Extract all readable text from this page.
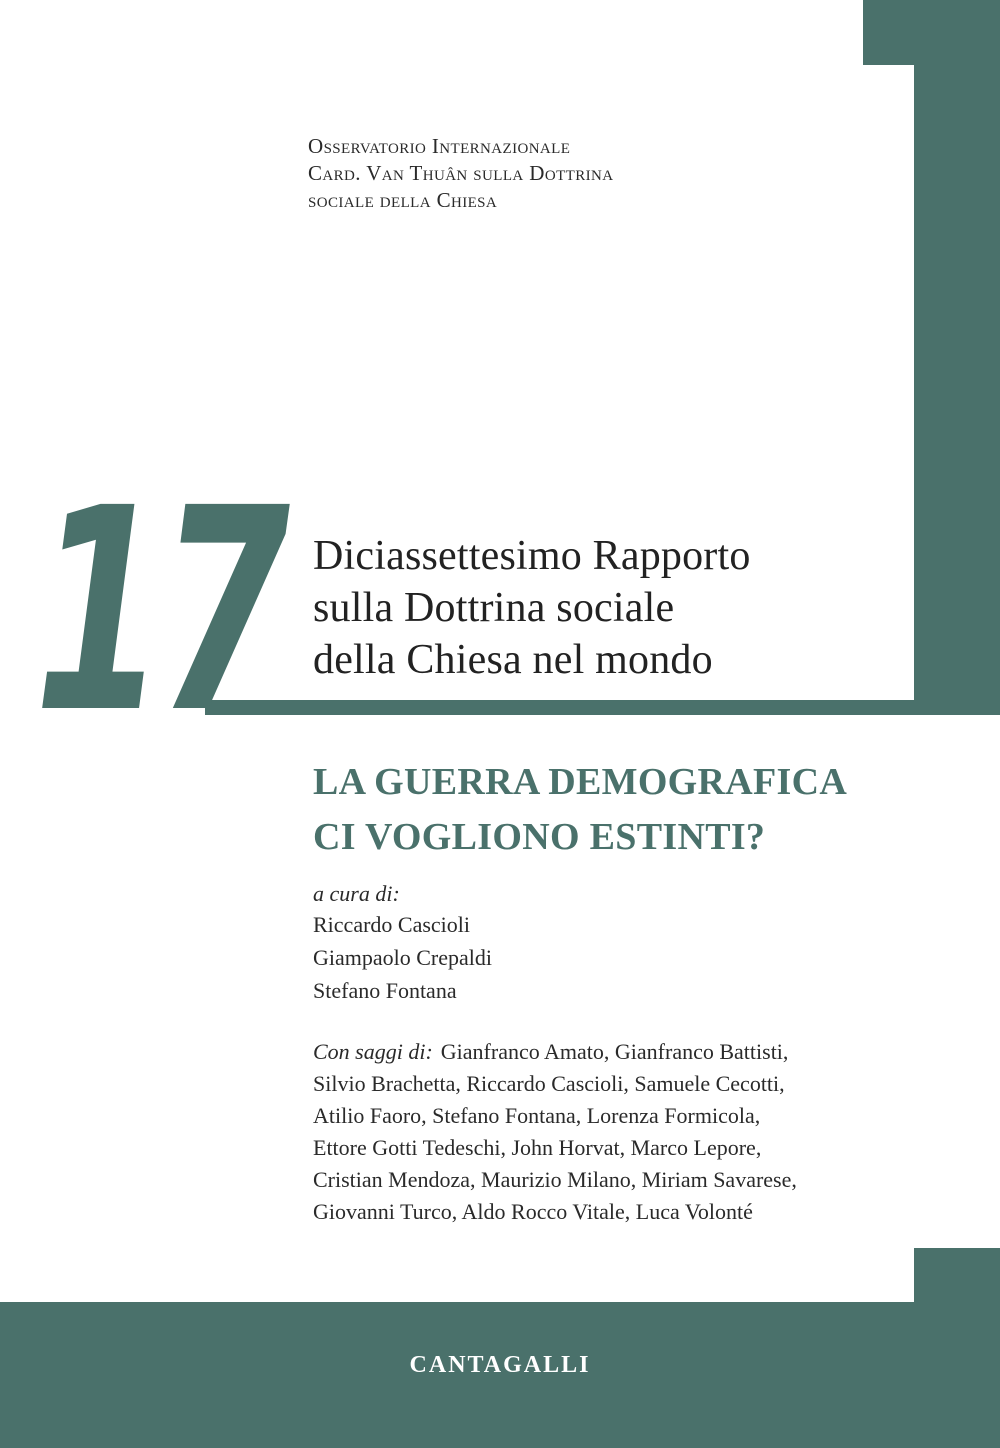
Osservatorio Internazionale
Card. Van Thuân sulla Dottrina
sociale della Chiesa
17 Diciassettesimo Rapporto
sulla Dottrina sociale
della Chiesa nel mondo
LA GUERRA DEMOGRAFICA
CI VOGLIONO ESTINTI?
a cura di:
Riccardo Cascioli
Giampaolo Crepaldi
Stefano Fontana
Con saggi di: Gianfranco Amato, Gianfranco Battisti,
Silvio Brachetta, Riccardo Cascioli, Samuele Cecotti,
Atilio Faoro, Stefano Fontana, Lorenza Formicola,
Ettore Gotti Tedeschi, John Horvat, Marco Lepore,
Cristian Mendoza, Maurizio Milano, Miriam Savarese,
Giovanni Turco, Aldo Rocco Vitale, Luca Volonté
CANTAGALLI
